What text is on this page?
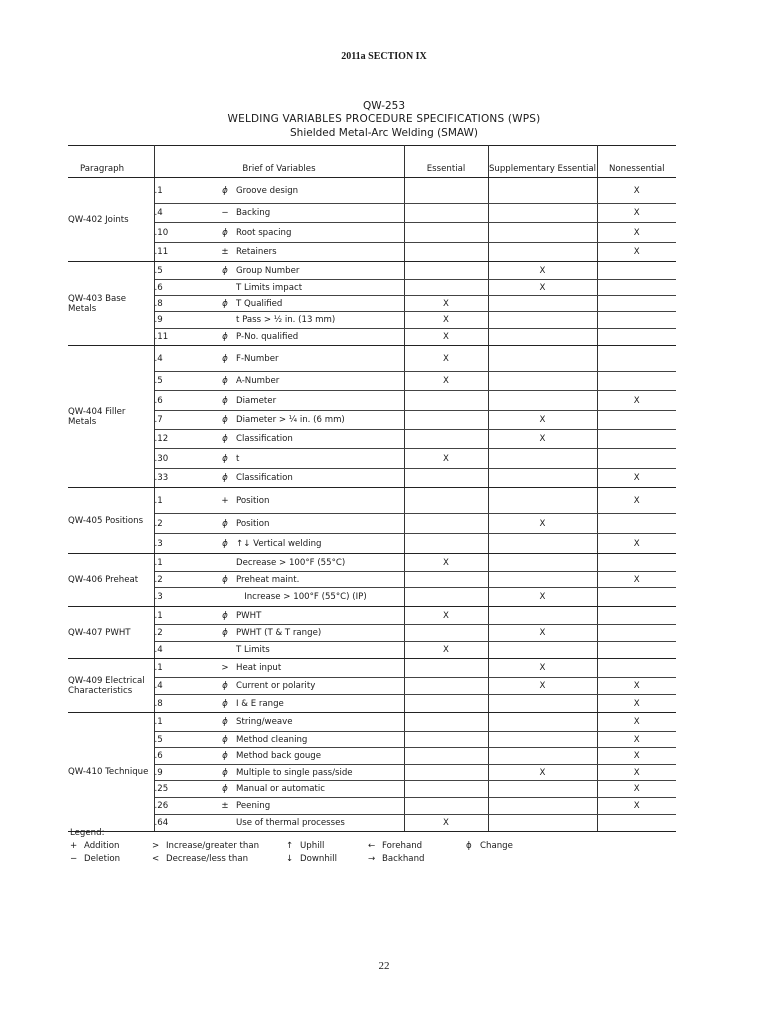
2011a SECTION IX
QW-253
WELDING VARIABLES PROCEDURE SPECIFICATIONS (WPS)
Shielded Metal-Arc Welding (SMAW)
Paragraph	Brief of Variables		Essential	Supplementary Essential	Nonessential
QW-402 Joints	.1	ϕ Groove design			X
	.4	− Backing			X
	.10	ϕ Root spacing			X
	.11	± Retainers			X
QW-403 Base Metals	.5	ϕ Group Number		X	
	.6	T Limits impact		X	
	.8	ϕ T Qualified	X		
	.9	t Pass > ½ in. (13 mm)	X		
	.11	ϕ P-No. qualified	X		
QW-404 Filler Metals	.4	ϕ F-Number	X		
	.5	ϕ A-Number	X		
	.6	ϕ Diameter			X
	.7	ϕ Diameter > ¼ in. (6 mm)		X	
	.12	ϕ Classification		X	
	.30	ϕ t	X		
	.33	ϕ Classification			X
QW-405 Positions	.1	+ Position			X
	.2	ϕ Position		X	
	.3	ϕ ↑↓ Vertical welding			X
QW-406 Preheat	.1	Decrease > 100°F (55°C)	X		
	.2	ϕ Preheat maint.			X
	.3	Increase > 100°F (55°C) (IP)		X	
QW-407 PWHT	.1	ϕ PWHT	X		
	.2	ϕ PWHT (T & T range)		X	
	.4	T Limits	X		
QW-409 Electrical Characteristics	.1	> Heat input		X	
	.4	ϕ Current or polarity		X	X
	.8	ϕ I & E range			X
QW-410 Technique	.1	ϕ String/weave			X
	.5	ϕ Method cleaning			X
	.6	ϕ Method back gouge			X
	.9	ϕ Multiple to single pass/side		X	X
	.25	ϕ Manual or automatic			X
	.26	± Peening			X
	.64	Use of thermal processes	X		
Legend:
+ Addition	> Increase/greater than	↑ Uphill	← Forehand	ϕ Change
− Deletion	< Decrease/less than	↓ Downhill	→ Backhand
22
